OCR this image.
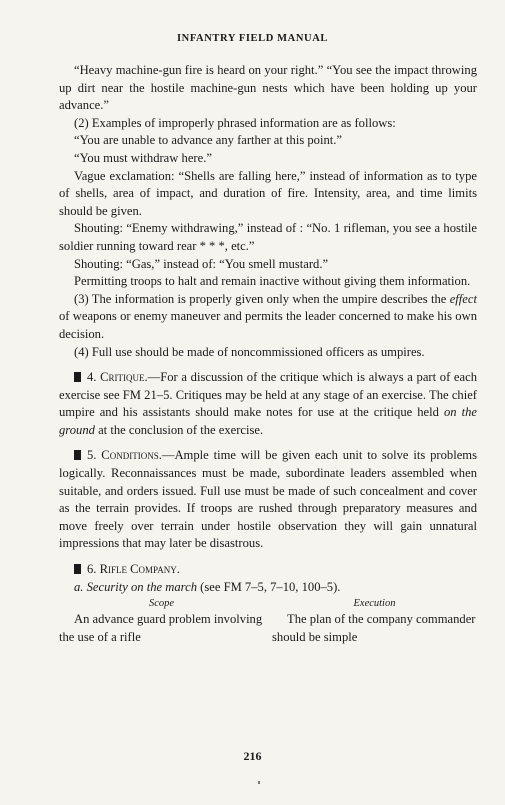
INFANTRY FIELD MANUAL

“Heavy machine-gun fire is heard on your right.” “You see the impact throwing up dirt near the hostile machine-gun nests which have been holding up your advance.”

(2) Examples of improperly phrased information are as follows:

“You are unable to advance any farther at this point.”

“You must withdraw here.”

Vague exclamation: “Shells are falling here,” instead of information as to type of shells, area of impact, and duration of fire. Intensity, area, and time limits should be given.

Shouting: “Enemy withdrawing,” instead of : “No. 1 rifleman, you see a hostile soldier running toward rear * * *, etc.”

Shouting: “Gas,” instead of: “You smell mustard.”

Permitting troops to halt and remain inactive without giving them information.

(3) The information is properly given only when the umpire describes the effect of weapons or enemy maneuver and permits the leader concerned to make his own decision.

(4) Full use should be made of noncommissioned officers as umpires.

4. Critique.—For a discussion of the critique which is always a part of each exercise see FM 21–5. Critiques may be held at any stage of an exercise. The chief umpire and his assistants should make notes for use at the critique held on the ground at the conclusion of the exercise.

5. Conditions.—Ample time will be given each unit to solve its problems logically. Reconnaissances must be made, subordinate leaders assembled when suitable, and orders issued. Full use must be made of such concealment and cover as the terrain provides. If troops are rushed through preparatory measures and move freely over terrain under hostile observation they will gain unnatural impressions that may later be disastrous.

6. Rifle Company.

a. Security on the march (see FM 7–5, 7–10, 100–5).

Scope
An advance guard problem involving the use of a rifle
Execution
The plan of the company commander should be simple
216
